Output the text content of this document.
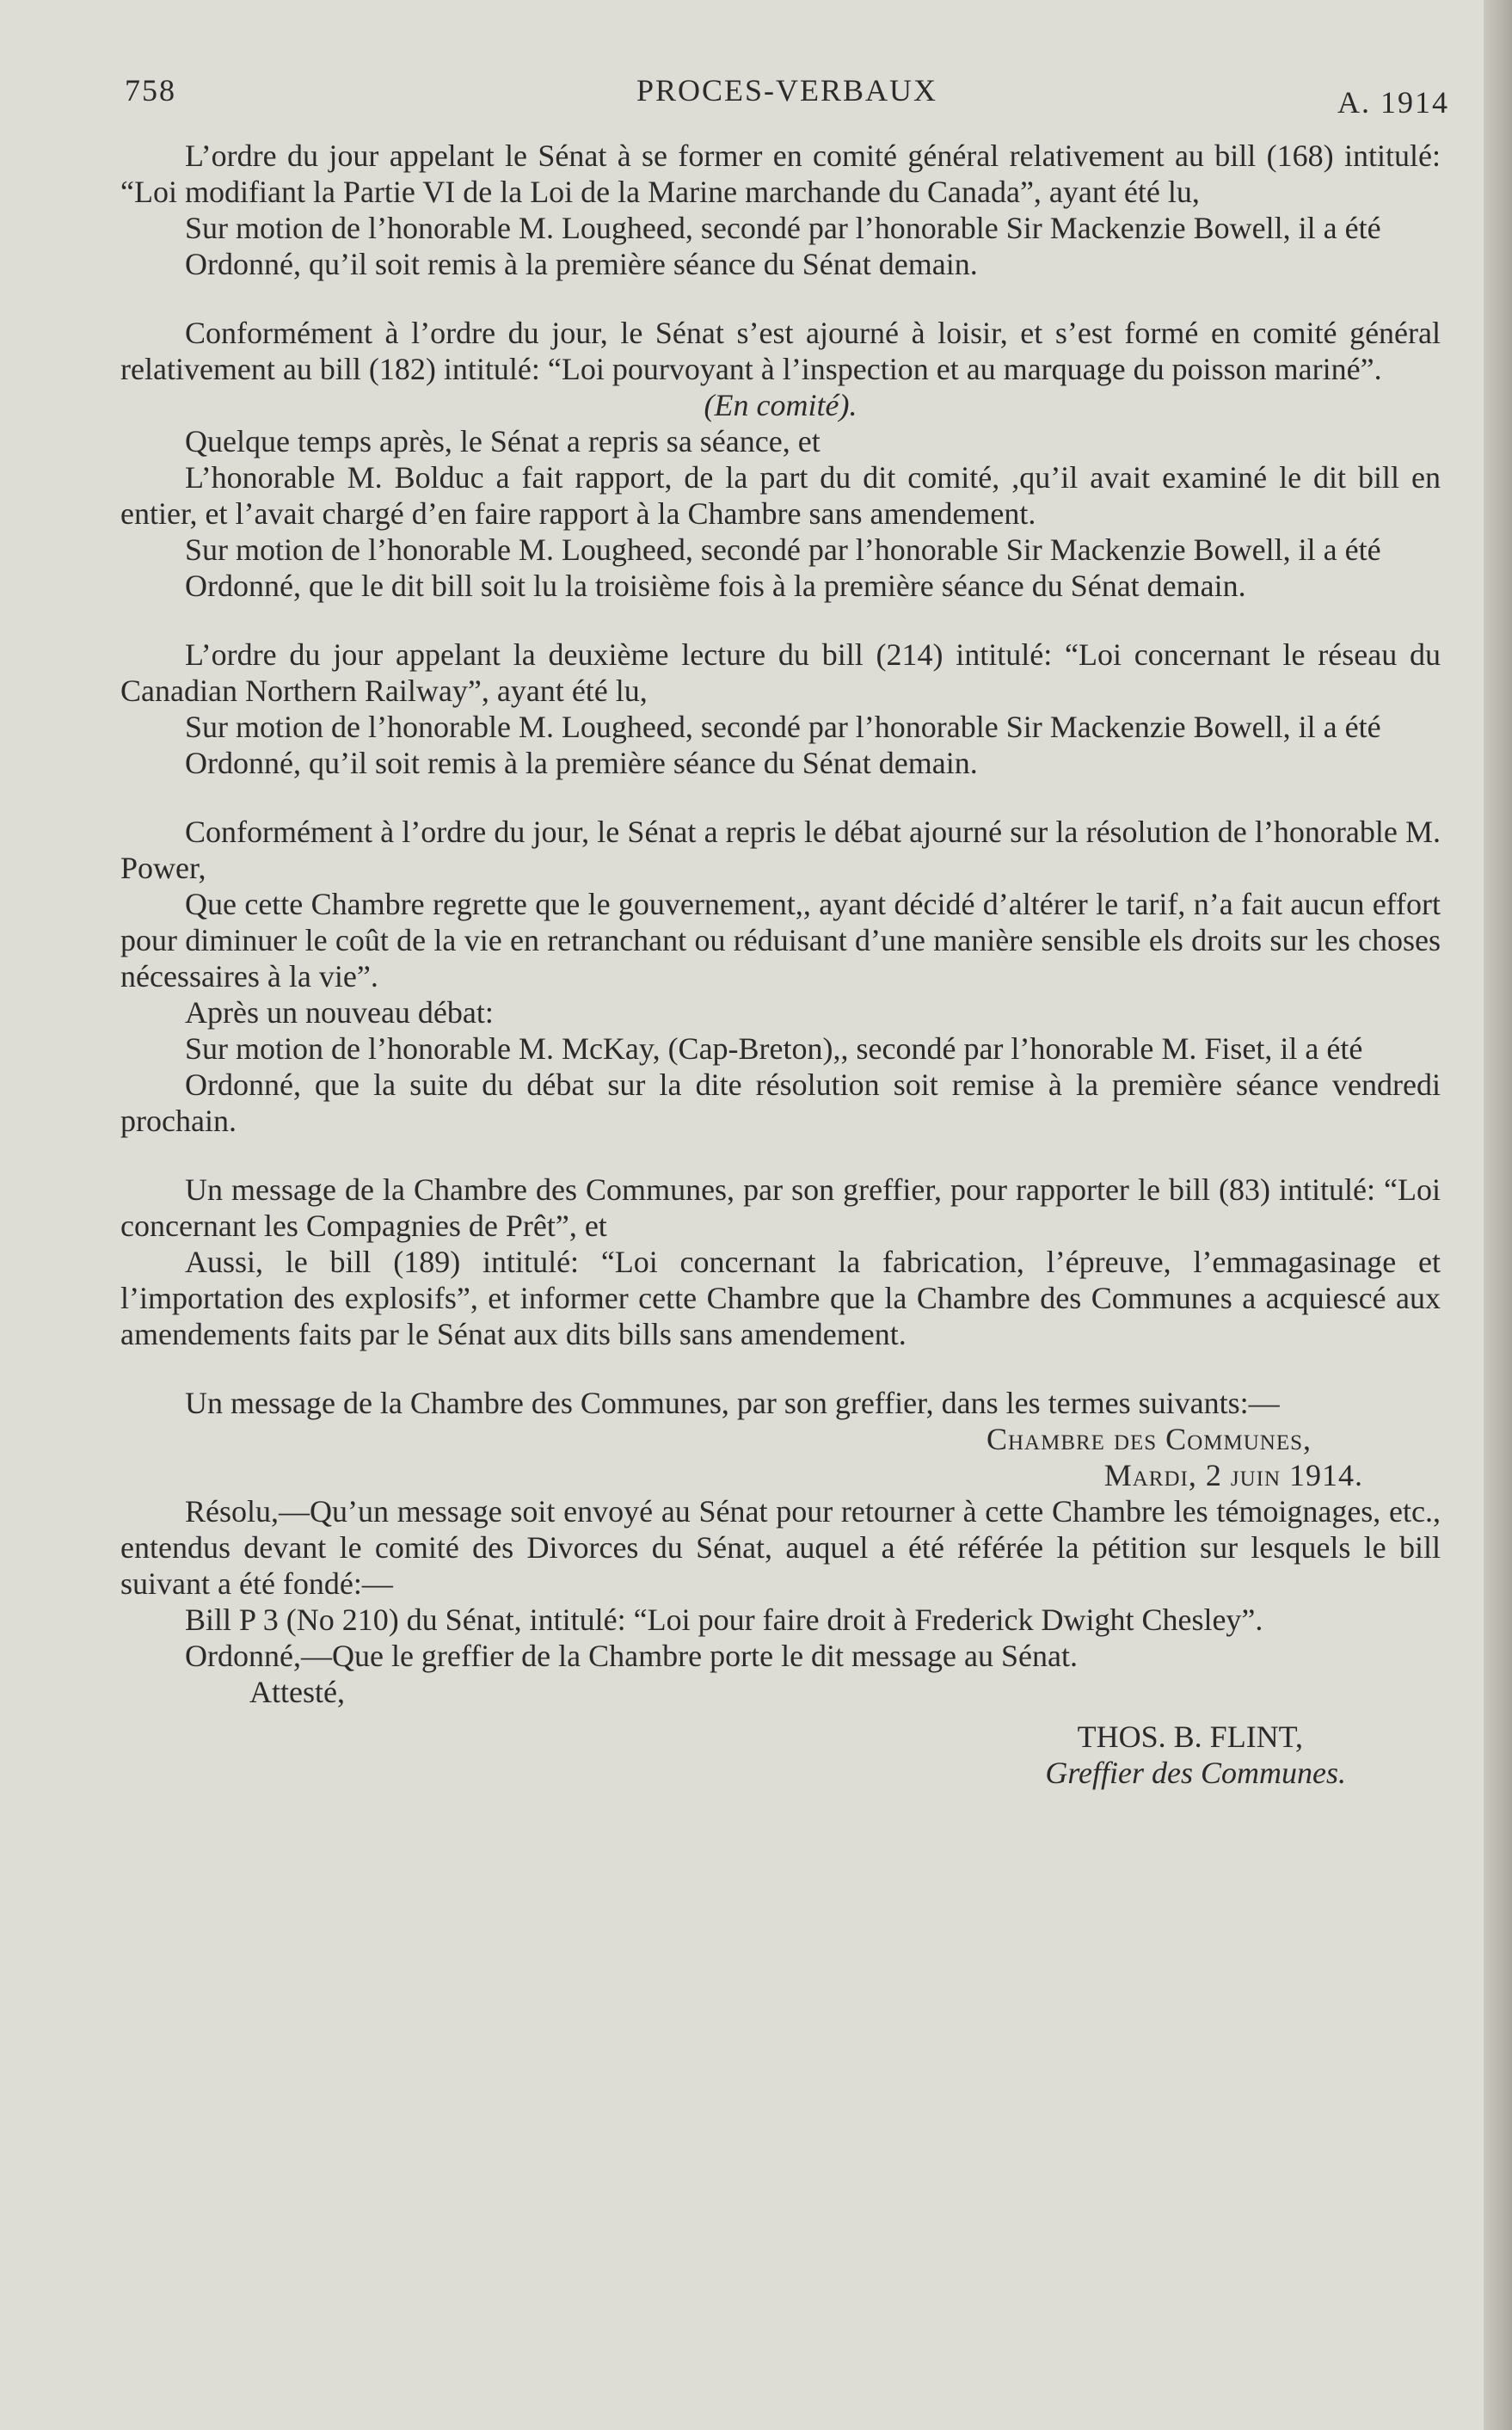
758	PROCES-VERBAUX	A. 1914

L’ordre du jour appelant le Sénat à se former en comité général relativement au bill (168) intitulé: “Loi modifiant la Partie VI de la Loi de la Marine marchande du Canada”, ayant été lu,

Sur motion de l’honorable M. Lougheed, secondé par l’honorable Sir Mackenzie Bowell, il a été

Ordonné, qu’il soit remis à la première séance du Sénat demain.

Conformément à l’ordre du jour, le Sénat s’est ajourné à loisir, et s’est formé en comité général relativement au bill (182) intitulé: “Loi pourvoyant à l’inspection et au marquage du poisson mariné”.

(En comité).

Quelque temps après, le Sénat a repris sa séance, et

L’honorable M. Bolduc a fait rapport, de la part du dit comité, ,qu’il avait examiné le dit bill en entier, et l’avait chargé d’en faire rapport à la Chambre sans amendement.

Sur motion de l’honorable M. Lougheed, secondé par l’honorable Sir Mackenzie Bowell, il a été

Ordonné, que le dit bill soit lu la troisième fois à la première séance du Sénat demain.

L’ordre du jour appelant la deuxième lecture du bill (214) intitulé: “Loi concernant le réseau du Canadian Northern Railway”, ayant été lu,

Sur motion de l’honorable M. Lougheed, secondé par l’honorable Sir Mackenzie Bowell, il a été

Ordonné, qu’il soit remis à la première séance du Sénat demain.

Conformément à l’ordre du jour, le Sénat a repris le débat ajourné sur la résolution de l’honorable M. Power,

Que cette Chambre regrette que le gouvernement,, ayant décidé d’altérer le tarif, n’a fait aucun effort pour diminuer le coût de la vie en retranchant ou réduisant d’une manière sensible els droits sur les choses nécessaires à la vie”.

Après un nouveau débat:

Sur motion de l’honorable M. McKay, (Cap-Breton),, secondé par l’honorable M. Fiset, il a été

Ordonné, que la suite du débat sur la dite résolution soit remise à la première séance vendredi prochain.

Un message de la Chambre des Communes, par son greffier, pour rapporter le bill (83) intitulé: “Loi concernant les Compagnies de Prêt”, et

Aussi, le bill (189) intitulé: “Loi concernant la fabrication, l’épreuve, l’emmagasinage et l’importation des explosifs”, et informer cette Chambre que la Chambre des Communes a acquiescé aux amendements faits par le Sénat aux dits bills sans amendement.

Un message de la Chambre des Communes, par son greffier, dans les termes suivants:—

Chambre des Communes,

Mardi, 2 juin 1914.

Résolu,—Qu’un message soit envoyé au Sénat pour retourner à cette Chambre les témoignages, etc., entendus devant le comité des Divorces du Sénat, auquel a été référée la pétition sur lesquels le bill suivant a été fondé:—

Bill P 3 (No 210) du Sénat, intitulé: “Loi pour faire droit à Frederick Dwight Chesley”.

Ordonné,—Que le greffier de la Chambre porte le dit message au Sénat.

Attesté,

THOS. B. FLINT,

Greffier des Communes.
